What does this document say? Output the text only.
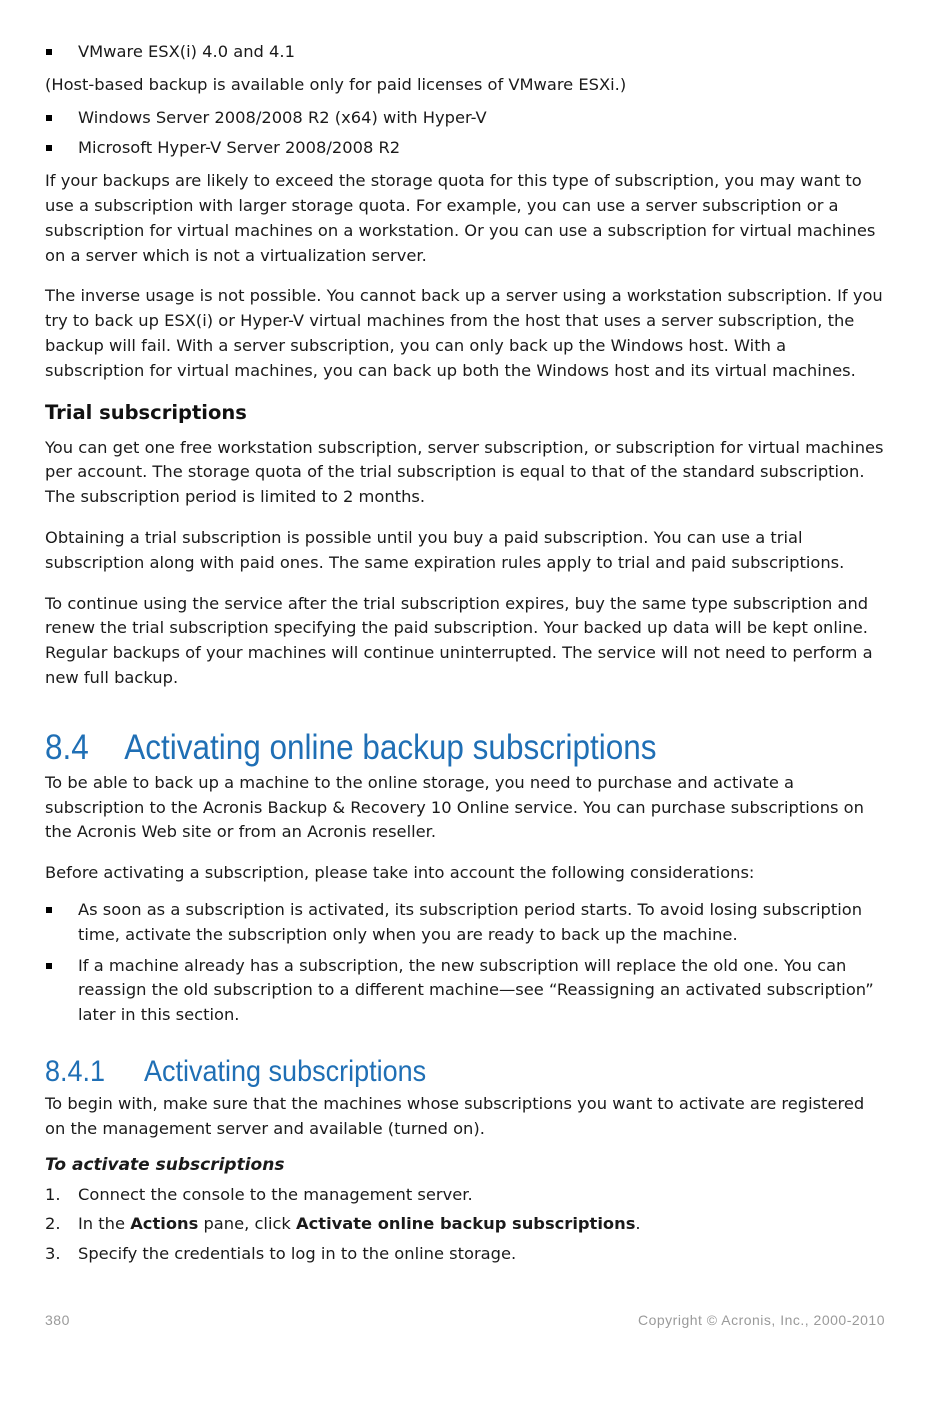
VMware ESX(i) 4.0 and 4.1

(Host-based backup is available only for paid licenses of VMware ESXi.)

Windows Server 2008/2008 R2 (x64) with Hyper-V
Microsoft Hyper-V Server 2008/2008 R2

If your backups are likely to exceed the storage quota for this type of subscription, you may want to use a subscription with larger storage quota. For example, you can use a server subscription or a subscription for virtual machines on a workstation. Or you can use a subscription for virtual machines on a server which is not a virtualization server.

The inverse usage is not possible. You cannot back up a server using a workstation subscription. If you try to back up ESX(i) or Hyper-V virtual machines from the host that uses a server subscription, the backup will fail. With a server subscription, you can only back up the Windows host. With a subscription for virtual machines, you can back up both the Windows host and its virtual machines.

Trial subscriptions

You can get one free workstation subscription, server subscription, or subscription for virtual machines per account. The storage quota of the trial subscription is equal to that of the standard subscription. The subscription period is limited to 2 months.

Obtaining a trial subscription is possible until you buy a paid subscription. You can use a trial subscription along with paid ones. The same expiration rules apply to trial and paid subscriptions.

To continue using the service after the trial subscription expires, buy the same type subscription and renew the trial subscription specifying the paid subscription. Your backed up data will be kept online. Regular backups of your machines will continue uninterrupted. The service will not need to perform a new full backup.

8.4 Activating online backup subscriptions

To be able to back up a machine to the online storage, you need to purchase and activate a subscription to the Acronis Backup & Recovery 10 Online service. You can purchase subscriptions on the Acronis Web site or from an Acronis reseller.

Before activating a subscription, please take into account the following considerations:

As soon as a subscription is activated, its subscription period starts. To avoid losing subscription time, activate the subscription only when you are ready to back up the machine.
If a machine already has a subscription, the new subscription will replace the old one. You can reassign the old subscription to a different machine—see “Reassigning an activated subscription” later in this section.
8.4.1 Activating subscriptions

To begin with, make sure that the machines whose subscriptions you want to activate are registered on the management server and available (turned on).

To activate subscriptions

1. Connect the console to the management server.
2. In the Actions pane, click Activate online backup subscriptions.
3. Specify the credentials to log in to the online storage.
380	Copyright © Acronis, Inc., 2000-2010
